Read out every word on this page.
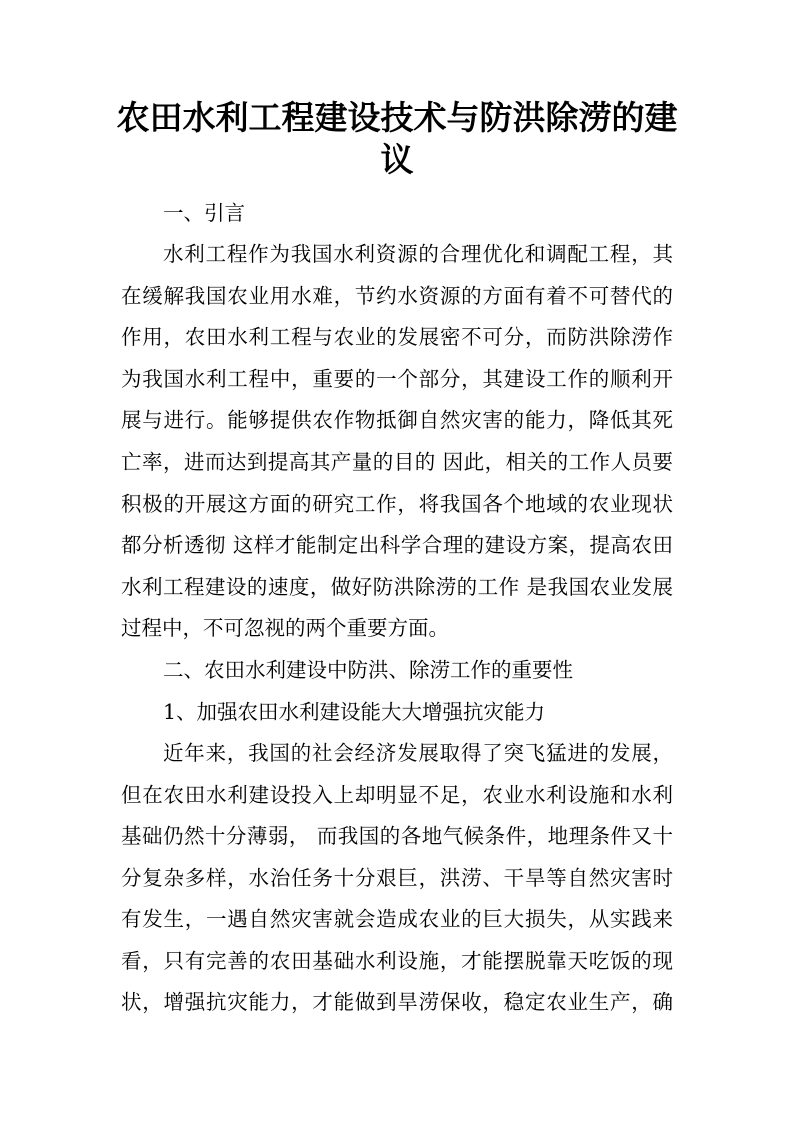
农田水利工程建设技术与防洪除涝的建
议
一、引言
水利工程作为我国水利资源的合理优化和调配工程，其
在缓解我国农业用水难，节约水资源的方面有着不可替代的
作用，农田水利工程与农业的发展密不可分，而防洪除涝作
为我国水利工程中，重要的一个部分，其建设工作的顺利开
展与进行。能够提供农作物抵御自然灾害的能力，降低其死
亡率，进而达到提高其产量的目的 因此，相关的工作人员要
积极的开展这方面的研究工作，将我国各个地域的农业现状
都分析透彻 这样才能制定出科学合理的建设方案，提高农田
水利工程建设的速度，做好防洪除涝的工作 是我国农业发展
过程中，不可忽视的两个重要方面。
二、农田水利建设中防洪、除涝工作的重要性
1、加强农田水利建设能大大增强抗灾能力
近年来，我国的社会经济发展取得了突飞猛进的发展，
但在农田水利建设投入上却明显不足，农业水利设施和水利
基础仍然十分薄弱， 而我国的各地气候条件，地理条件又十
分复杂多样，水治任务十分艰巨，洪涝、干旱等自然灾害时
有发生，一遇自然灾害就会造成农业的巨大损失，从实践来
看，只有完善的农田基础水利设施，才能摆脱靠天吃饭的现
状，增强抗灾能力，才能做到旱涝保收，稳定农业生产，确
